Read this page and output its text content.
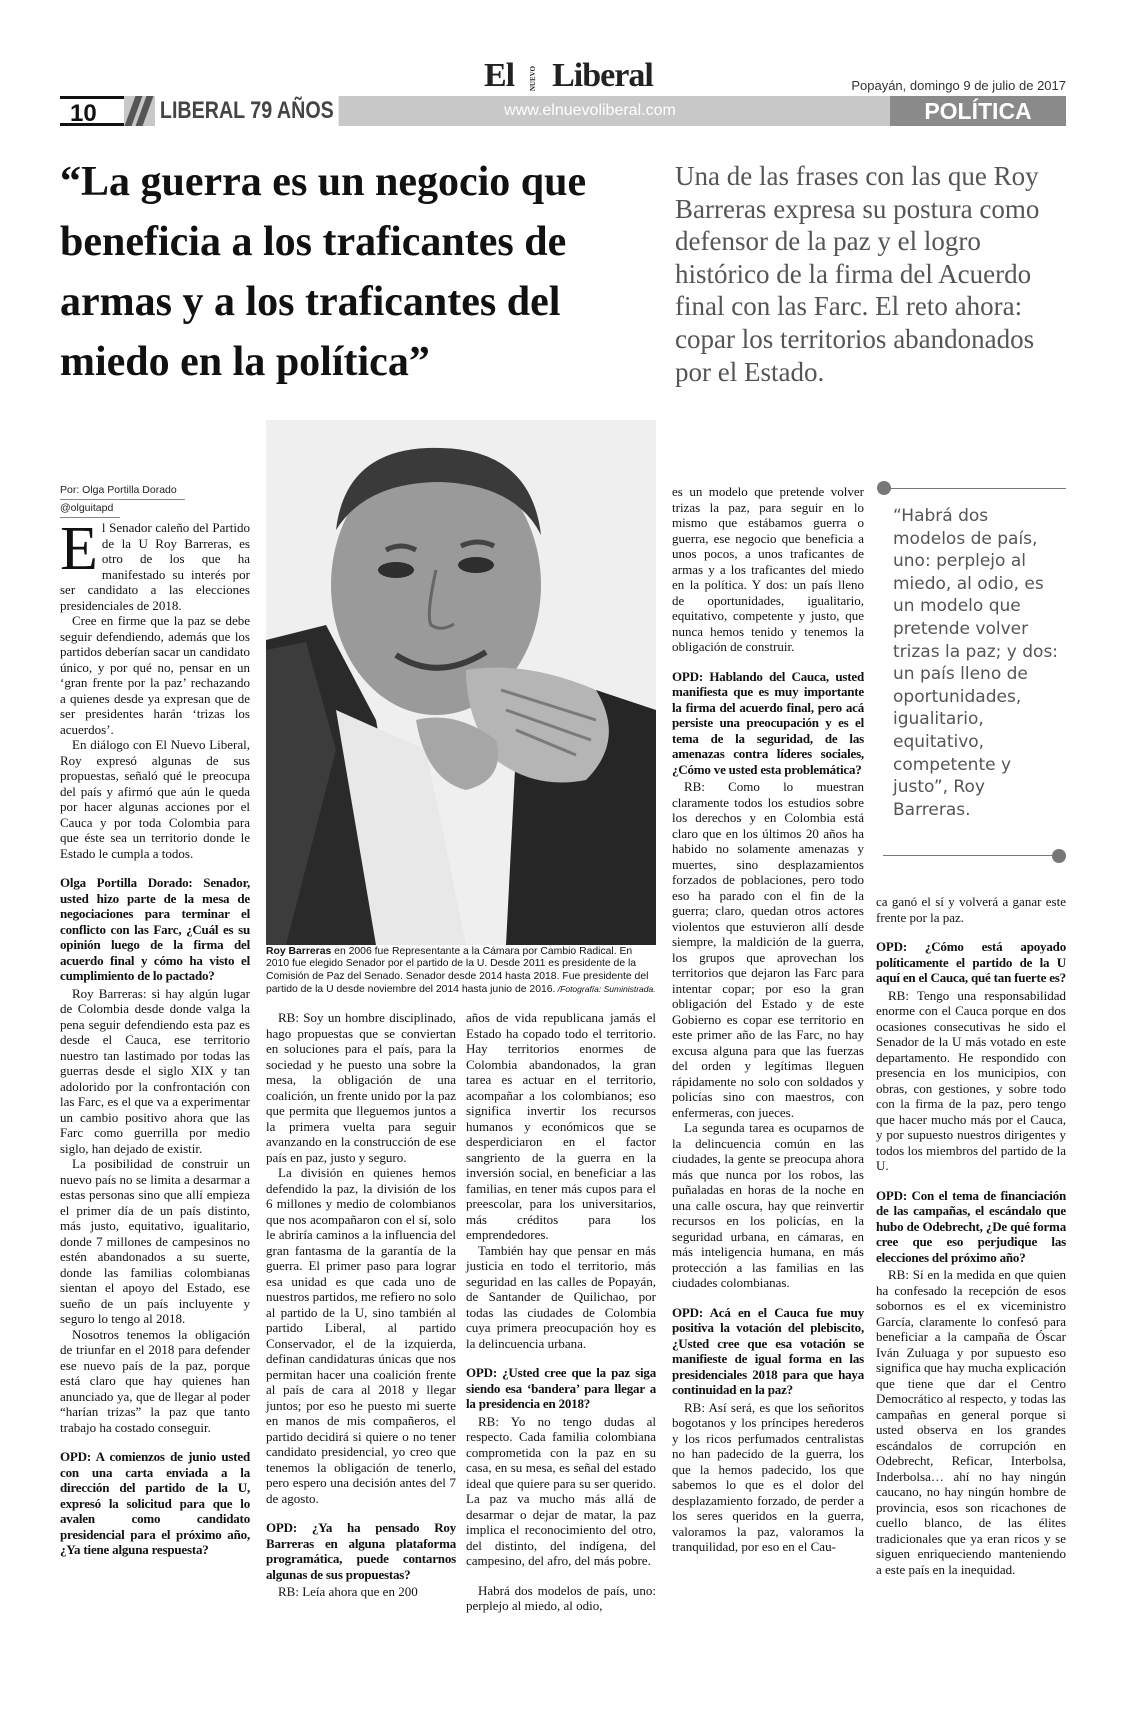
El NUEVO Liberal	Popayán, domingo 9 de julio de 2017
10	LIBERAL 79 AÑOS	www.elnuevoliberal.com	POLÍTICA
“La guerra es un negocio que beneficia a los traficantes de armas y a los traficantes del miedo en la política”
Una de las frases con las que Roy Barreras expresa su postura como defensor de la paz y el logro histórico de la firma del Acuerdo final con las Farc. El reto ahora: copar los territorios abandonados por el Estado.
Por: Olga Portilla Dorado
@olguitapd
Roy Barreras en 2006 fue Representante a la Cámara por Cambio Radical. En 2010 fue elegido Senador por el partido de la U. Desde 2011 es presidente de la Comisión de Paz del Senado. Senador desde 2014 hasta 2018. Fue presidente del partido de la U desde noviembre del 2014 hasta junio de 2016. /Fotografía: Suministrada.

El Senador caleño del Partido de la U Roy Barreras, es otro de los que ha manifestado su interés por ser candidato a las elecciones presidenciales de 2018.

Cree en firme que la paz se debe seguir defendiendo, además que los partidos deberían sacar un candidato único, y por qué no, pensar en un ‘gran frente por la paz’ rechazando a quienes desde ya expresan que de ser presidentes harán ‘trizas los acuerdos’.

En diálogo con El Nuevo Liberal, Roy expresó algunas de sus propuestas, señaló qué le preocupa del país y afirmó que aún le queda por hacer algunas acciones por el Cauca y por toda Colombia para que éste sea un territorio donde le Estado le cumpla a todos.

Olga Portilla Dorado: Senador, usted hizo parte de la mesa de negociaciones para terminar el conflicto con las Farc, ¿Cuál es su opinión luego de la firma del acuerdo final y cómo ha visto el cumplimiento de lo pactado?

Roy Barreras: si hay algún lugar de Colombia desde donde valga la pena seguir defendiendo esta paz es desde el Cauca, ese territorio nuestro tan lastimado por todas las guerras desde el siglo XIX y tan adolorido por la confrontación con las Farc, es el que va a experimentar un cambio positivo ahora que las Farc como guerrilla por medio siglo, han dejado de existir.

La posibilidad de construir un nuevo país no se limita a desarmar a estas personas sino que allí empieza el primer día de un país distinto, más justo, equitativo, igualitario, donde 7 millones de campesinos no estén abandonados a su suerte, donde las familias colombianas sientan el apoyo del Estado, ese sueño de un país incluyente y seguro lo tengo al 2018.

Nosotros tenemos la obligación de triunfar en el 2018 para defender ese nuevo país de la paz, porque está claro que hay quienes han anunciado ya, que de llegar al poder “harían trizas” la paz que tanto trabajo ha costado conseguir.

OPD: A comienzos de junio usted con una carta enviada a la dirección del partido de la U, expresó la solicitud para que lo avalen como candidato presidencial para el próximo año, ¿Ya tiene alguna respuesta?

RB: Soy un hombre disciplinado, hago propuestas que se conviertan en soluciones para el país, para la sociedad y he puesto una sobre la mesa, la obligación de una coalición, un frente unido por la paz que permita que lleguemos juntos a la primera vuelta para seguir avanzando en la construcción de ese país en paz, justo y seguro.

La división en quienes hemos defendido la paz, la división de los 6 millones y medio de colombianos que nos acompañaron con el sí, solo le abriría caminos a la influencia del gran fantasma de la garantía de la guerra. El primer paso para lograr esa unidad es que cada uno de nuestros partidos, me refiero no solo al partido de la U, sino también al partido Liberal, al partido Conservador, el de la izquierda, definan candidaturas únicas que nos permitan hacer una coalición frente al país de cara al 2018 y llegar juntos; por eso he puesto mi suerte en manos de mis compañeros, el partido decidirá si quiere o no tener candidato presidencial, yo creo que tenemos la obligación de tenerlo, pero espero una decisión antes del 7 de agosto.

OPD: ¿Ya ha pensado Roy Barreras en alguna plataforma programática, puede contarnos algunas de sus propuestas?

RB: Leía ahora que en 200

años de vida republicana jamás el Estado ha copado todo el territorio. Hay territorios enormes de Colombia abandonados, la gran tarea es actuar en el territorio, acompañar a los colombianos; eso significa invertir los recursos humanos y económicos que se desperdiciaron en el factor sangriento de la guerra en la inversión social, en beneficiar a las familias, en tener más cupos para el preescolar, para los universitarios, más créditos para los emprendedores.

También hay que pensar en más justicia en todo el territorio, más seguridad en las calles de Popayán, de Santander de Quilichao, por todas las ciudades de Colombia cuya primera preocupación hoy es la delincuencia urbana.

OPD: ¿Usted cree que la paz siga siendo esa ‘bandera’ para llegar a la presidencia en 2018?

RB: Yo no tengo dudas al respecto. Cada familia colombiana comprometida con la paz en su casa, en su mesa, es señal del estado ideal que quiere para su ser querido. La paz va mucho más allá de desarmar o dejar de matar, la paz implica el reconocimiento del otro, del distinto, del indígena, del campesino, del afro, del más pobre.

Habrá dos modelos de país, uno: perplejo al miedo, al odio,

es un modelo que pretende volver trizas la paz, para seguir en lo mismo que estábamos guerra o guerra, ese negocio que beneficia a unos pocos, a unos traficantes de armas y a los traficantes del miedo en la política. Y dos: un país lleno de oportunidades, igualitario, equitativo, competente y justo, que nunca hemos tenido y tenemos la obligación de construir.

OPD: Hablando del Cauca, usted manifiesta que es muy importante la firma del acuerdo final, pero acá persiste una preocupación y es el tema de la seguridad, de las amenazas contra líderes sociales, ¿Cómo ve usted esta problemática?

RB: Como lo muestran claramente todos los estudios sobre los derechos y en Colombia está claro que en los últimos 20 años ha habido no solamente amenazas y muertes, sino desplazamientos forzados de poblaciones, pero todo eso ha parado con el fin de la guerra; claro, quedan otros actores violentos que estuvieron allí desde siempre, la maldición de la guerra, los grupos que aprovechan los territorios que dejaron las Farc para intentar copar; por eso la gran obligación del Estado y de este Gobierno es copar ese territorio en este primer año de las Farc, no hay excusa alguna para que las fuerzas del orden y legítimas lleguen rápidamente no solo con soldados y policías sino con maestros, con enfermeras, con jueces.

La segunda tarea es ocuparnos de la delincuencia común en las ciudades, la gente se preocupa ahora más que nunca por los robos, las puñaladas en horas de la noche en una calle oscura, hay que reinvertir recursos en los policías, en la seguridad urbana, en cámaras, en más inteligencia humana, en más protección a las familias en las ciudades colombianas.

OPD: Acá en el Cauca fue muy positiva la votación del plebiscito, ¿Usted cree que esa votación se manifieste de igual forma en las presidenciales 2018 para que haya continuidad en la paz?

RB: Así será, es que los señoritos bogotanos y los príncipes herederos y los ricos perfumados centralistas no han padecido de la guerra, los que la hemos padecido, los que sabemos lo que es el dolor del desplazamiento forzado, de perder a los seres queridos en la guerra, valoramos la paz, valoramos la tranquilidad, por eso en el Cau-

“Habrá dos modelos de país, uno: perplejo al miedo, al odio, es un modelo que pretende volver trizas la paz; y dos: un país lleno de oportunidades, igualitario, equitativo, competente y justo”, Roy Barreras.

ca ganó el sí y volverá a ganar este frente por la paz.

OPD: ¿Cómo está apoyado políticamente el partido de la U aquí en el Cauca, qué tan fuerte es?

RB: Tengo una responsabilidad enorme con el Cauca porque en dos ocasiones consecutivas he sido el Senador de la U más votado en este departamento. He respondido con presencia en los municipios, con obras, con gestiones, y sobre todo con la firma de la paz, pero tengo que hacer mucho más por el Cauca, y por supuesto nuestros dirigentes y todos los miembros del partido de la U.

OPD: Con el tema de financiación de las campañas, el escándalo que hubo de Odebrecht, ¿De qué forma cree que eso perjudique las elecciones del próximo año?

RB: Sí en la medida en que quien ha confesado la recepción de esos sobornos es el ex viceministro García, claramente lo confesó para beneficiar a la campaña de Óscar Iván Zuluaga y por supuesto eso significa que hay mucha explicación que tiene que dar el Centro Democrático al respecto, y todas las campañas en general porque si usted observa en los grandes escándalos de corrupción en Odebrecht, Reficar, Interbolsa, Inderbolsa… ahí no hay ningún caucano, no hay ningún hombre de provincia, esos son ricachones de cuello blanco, de las élites tradicionales que ya eran ricos y se siguen enriqueciendo manteniendo a este país en la inequidad.
